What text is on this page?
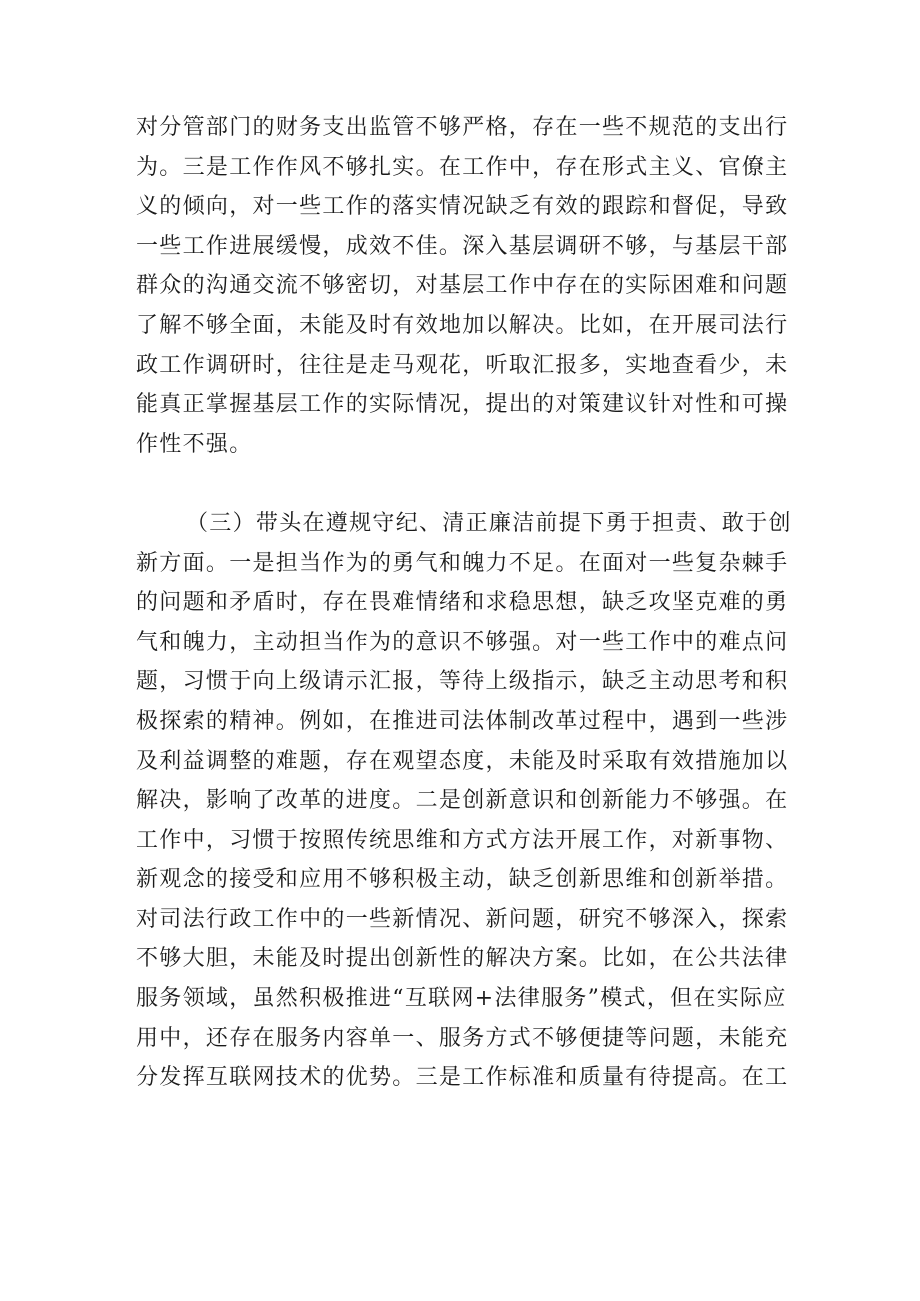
对分管部门的财务支出监管不够严格，存在一些不规范的支出行
为。三是工作作风不够扎实。在工作中，存在形式主义、官僚主
义的倾向，对一些工作的落实情况缺乏有效的跟踪和督促，导致
一些工作进展缓慢，成效不佳。深入基层调研不够，与基层干部
群众的沟通交流不够密切，对基层工作中存在的实际困难和问题
了解不够全面，未能及时有效地加以解决。比如，在开展司法行
政工作调研时，往往是走马观花，听取汇报多，实地查看少，未
能真正掌握基层工作的实际情况，提出的对策建议针对性和可操
作性不强。
（三）带头在遵规守纪、清正廉洁前提下勇于担责、敢于创
新方面。一是担当作为的勇气和魄力不足。在面对一些复杂棘手
的问题和矛盾时，存在畏难情绪和求稳思想，缺乏攻坚克难的勇
气和魄力，主动担当作为的意识不够强。对一些工作中的难点问
题，习惯于向上级请示汇报，等待上级指示，缺乏主动思考和积
极探索的精神。例如，在推进司法体制改革过程中，遇到一些涉
及利益调整的难题，存在观望态度，未能及时采取有效措施加以
解决，影响了改革的进度。二是创新意识和创新能力不够强。在
工作中，习惯于按照传统思维和方式方法开展工作，对新事物、
新观念的接受和应用不够积极主动，缺乏创新思维和创新举措。
对司法行政工作中的一些新情况、新问题，研究不够深入，探索
不够大胆，未能及时提出创新性的解决方案。比如，在公共法律
服务领域，虽然积极推进“互联网+法律服务”模式，但在实际应
用中，还存在服务内容单一、服务方式不够便捷等问题，未能充
分发挥互联网技术的优势。三是工作标准和质量有待提高。在工
